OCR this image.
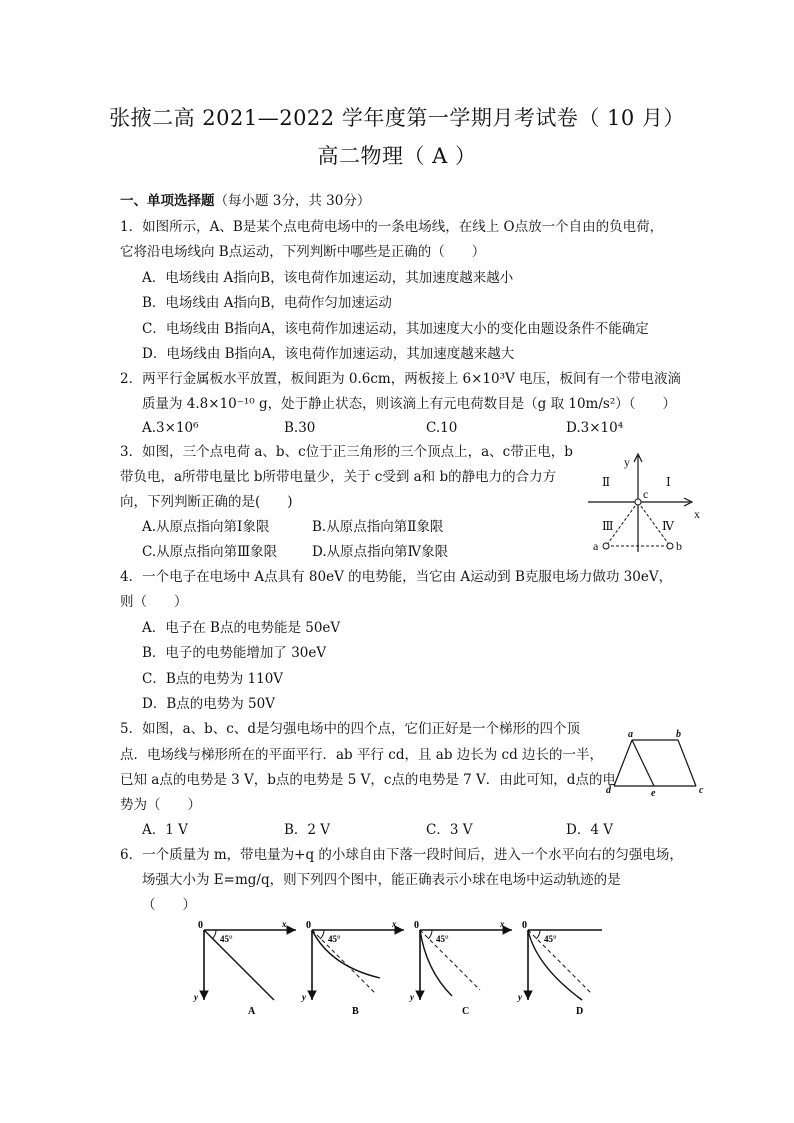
张掖二高 2021—2022 学年度第一学期月考试卷（ 10 月）
高二物理（ A ）
一、单项选择题（每小题 3分，共 30分）
1．如图所示，A、B是某个点电荷电场中的一条电场线，在线上 O点放一个自由的负电荷，
它将沿电场线向 B点运动，下列判断中哪些是正确的（　　）
A．电场线由 A指向B，该电荷作加速运动，其加速度越来越小
B．电场线由 A指向B，电荷作匀加速运动
C．电场线由 B指向A，该电荷作加速运动，其加速度大小的变化由题设条件不能确定
D．电场线由 B指向A，该电荷作加速运动，其加速度越来越大
2．两平行金属板水平放置，板间距为 0.6cm，两板接上 6×10³V 电压，板间有一个带电液滴
质量为 4.8×10⁻¹⁰ g，处于静止状态，则该滴上有元电荷数目是（g 取 10m/s²）（　　）
A.3×10⁶	B.30	C.10	D.3×10⁴
3．如图，三个点电荷 a、b、c位于正三角形的三个顶点上，a、c带正电，b
带负电，a所带电量比 b所带电量少，关于 c受到 a和 b的静电力的合力方
向，下列判断正确的是(　　)
A.从原点指向第Ⅰ象限	B.从原点指向第Ⅱ象限
C.从原点指向第Ⅲ象限	D.从原点指向第Ⅳ象限
y
x
c
a	b
Ⅰ
Ⅱ
Ⅲ	Ⅳ
4．一个电子在电场中 A点具有 80eV 的电势能，当它由 A运动到 B克服电场力做功 30eV，
则（　　）
A．电子在 B点的电势能是 50eV
B．电子的电势能增加了 30eV
C．B点的电势为 110V
D．B点的电势为 50V
5．如图，a、b、c、d是匀强电场中的四个点，它们正好是一个梯形的四个顶
点．电场线与梯形所在的平面平行．ab 平行 cd，且 ab 边长为 cd 边长的一半，
已知 a点的电势是 3 V，b点的电势是 5 V，c点的电势是 7 V．由此可知，d点的电
势为（　　）
A．1 V	B．2 V	C．3 V	D．4 V
a	b
c
d	e
6．一个质量为 m，带电量为+q 的小球自由下落一段时间后，进入一个水平向右的匀强电场，
场强大小为 E=mg/q，则下列四个图中，能正确表示小球在电场中运动轨迹的是
（　　）
0	x
y
45°
A
0	x
y
45°
B
0	x
y
45°
C
0
y
45°
D
